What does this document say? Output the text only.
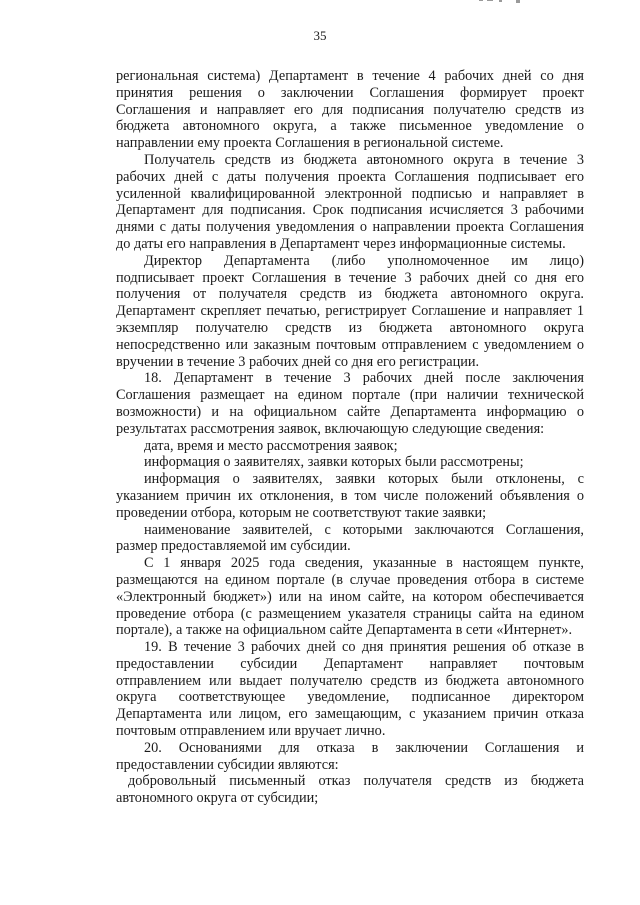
35
региональная система) Департамент в течение 4 рабочих дней со дня
принятия решения о заключении Соглашения формирует проект
Соглашения и направляет его для подписания получателю средств из
бюджета автономного округа, а также письменное уведомление о
направлении ему проекта Соглашения в региональной системе.
Получатель средств из бюджета автономного округа в течение 3
рабочих дней с даты получения проекта Соглашения подписывает его
усиленной квалифицированной электронной подписью и направляет в
Департамент для подписания. Срок подписания исчисляется 3 рабочими
днями с даты получения уведомления о направлении проекта Соглашения
до даты его направления в Департамент через информационные системы.
Директор Департамента (либо уполномоченное им лицо)
подписывает проект Соглашения в течение 3 рабочих дней со дня его
получения от получателя средств из бюджета автономного округа.
Департамент скрепляет печатью, регистрирует Соглашение и направляет 1
экземпляр получателю средств из бюджета автономного округа
непосредственно или заказным почтовым отправлением с уведомлением о
вручении в течение 3 рабочих дней со дня его регистрации.
18. Департамент в течение 3 рабочих дней после заключения
Соглашения размещает на едином портале (при наличии технической
возможности) и на официальном сайте Департамента информацию о
результатах рассмотрения заявок, включающую следующие сведения:
дата, время и место рассмотрения заявок;
информация о заявителях, заявки которых были рассмотрены;
информация о заявителях, заявки которых были отклонены, с
указанием причин их отклонения, в том числе положений объявления о
проведении отбора, которым не соответствуют такие заявки;
наименование заявителей, с которыми заключаются Соглашения,
размер предоставляемой им субсидии.
С 1 января 2025 года сведения, указанные в настоящем пункте,
размещаются на едином портале (в случае проведения отбора в системе
«Электронный бюджет») или на ином сайте, на котором обеспечивается
проведение отбора (с размещением указателя страницы сайта на едином
портале), а также на официальном сайте Департамента в сети «Интернет».
19. В течение 3 рабочих дней со дня принятия решения об отказе в
предоставлении субсидии Департамент направляет почтовым
отправлением или выдает получателю средств из бюджета автономного
округа соответствующее уведомление, подписанное директором
Департамента или лицом, его замещающим, с указанием причин отказа
почтовым отправлением или вручает лично.
20. Основаниями для отказа в заключении Соглашения и
предоставлении субсидии являются:
добровольный письменный отказ получателя средств из бюджета
автономного округа от субсидии;
